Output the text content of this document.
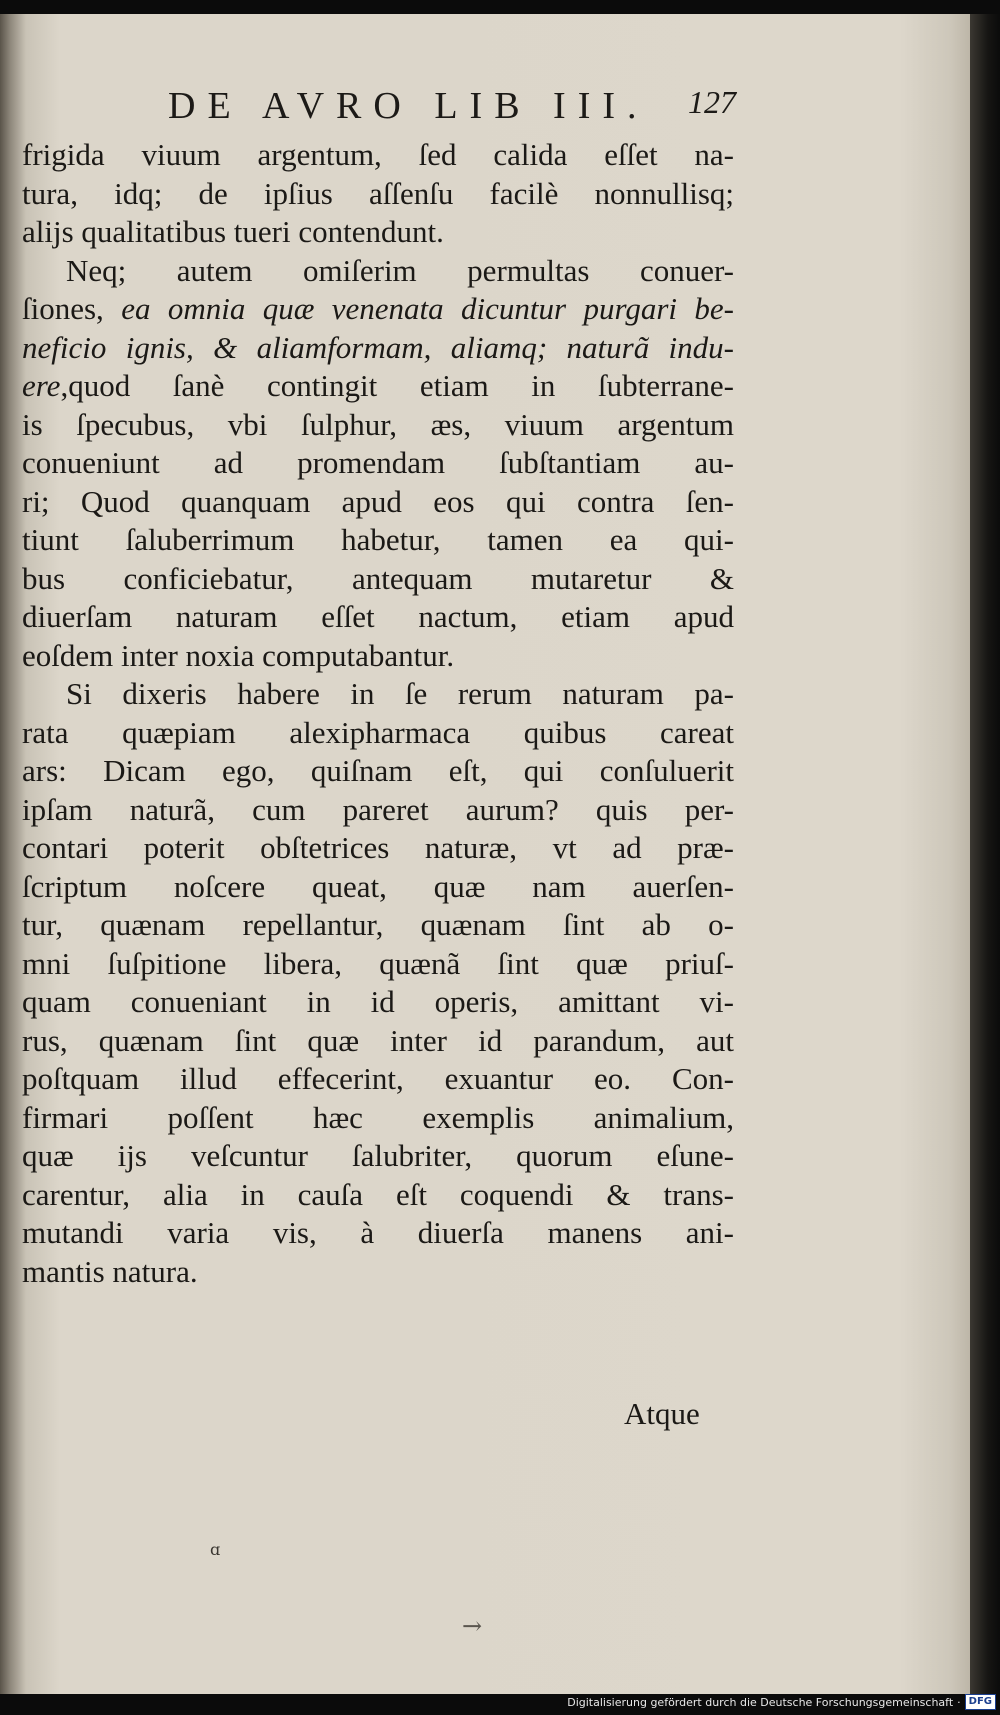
DE AVRO LIB III. 127
frigida viuum argentum, ſed calida eſſet na-
tura, idq; de ipſius aſſenſu facilè nonnullisq;
alijs qualitatibus tueri contendunt.
Neq; autem omiſerim permultas conuer-
ſiones, ea omnia quæ venenata dicuntur purgari be-
neficio ignis, & aliamformam, aliamq; naturã indu-
ere,quod ſanè contingit etiam in ſubterrane-
is ſpecubus, vbi ſulphur, æs, viuum argentum
conueniunt ad promendam ſubſtantiam au-
ri; Quod quanquam apud eos qui contra ſen-
tiunt ſaluberrimum habetur, tamen ea qui-
bus conficiebatur, antequam mutaretur &
diuerſam naturam eſſet nactum, etiam apud
eoſdem inter noxia computabantur.
Si dixeris habere in ſe rerum naturam pa-
rata quæpiam alexipharmaca quibus careat
ars: Dicam ego, quiſnam eſt, qui conſuluerit
ipſam naturã, cum pareret aurum? quis per-
contari poterit obſtetrices naturæ, vt ad præ-
ſcriptum noſcere queat, quæ nam auerſen-
tur, quænam repellantur, quænam ſint ab o-
mni ſuſpitione libera, quænã ſint quæ priuſ-
quam conueniant in id operis, amittant vi-
rus, quænam ſint quæ inter id parandum, aut
poſtquam illud effecerint, exuantur eo. Con-
firmari poſſent hæc exemplis animalium,
quæ ijs veſcuntur ſalubriter, quorum eſune-
carentur, alia in cauſa eſt coquendi & trans-
mutandi varia vis, à diuerſa manens ani-
mantis natura.
Atque
ɑ
→
Digitalisierung gefördert durch die Deutsche Forschungsgemeinschaft · DFG
